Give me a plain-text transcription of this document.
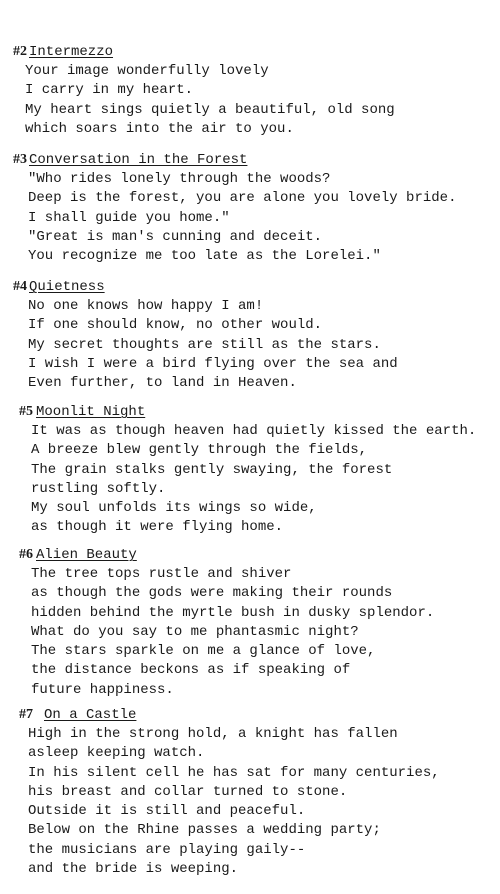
#2 Intermezzo
Your image wonderfully lovely
I carry in my heart.
My heart sings quietly a beautiful, old song
which soars into the air to you.
#3 Conversation in the Forest
"Who rides lonely through the woods?
Deep is the forest, you are alone you lovely bride.
I shall guide you home."
"Great is man's cunning and deceit.
You recognize me too late as the Lorelei."
#4 Quietness
No one knows how happy I am!
If one should know, no other would.
My secret thoughts are still as the stars.
I wish I were a bird flying over the sea and
Even further, to land in Heaven.
#5 Moonlit Night
It was as though heaven had quietly kissed the earth.
A breeze blew gently through the fields,
The grain stalks gently swaying, the forest
rustling softly.
My soul unfolds its wings so wide,
as though it were flying home.
#6 Alien Beauty
The tree tops rustle and shiver
as though the gods were making their rounds
hidden behind the myrtle bush in dusky splendor.
What do you say to me phantasmic night?
The stars sparkle on me a glance of love,
the distance beckons as if speaking of
future happiness.
#7 On a Castle
High in the strong hold, a knight has fallen
asleep keeping watch.
In his silent cell he has sat for many centuries,
his breast and collar turned to stone.
Outside it is still and peaceful.
Below on the Rhine passes a wedding party;
the musicians are playing gaily--
and the bride is weeping.
